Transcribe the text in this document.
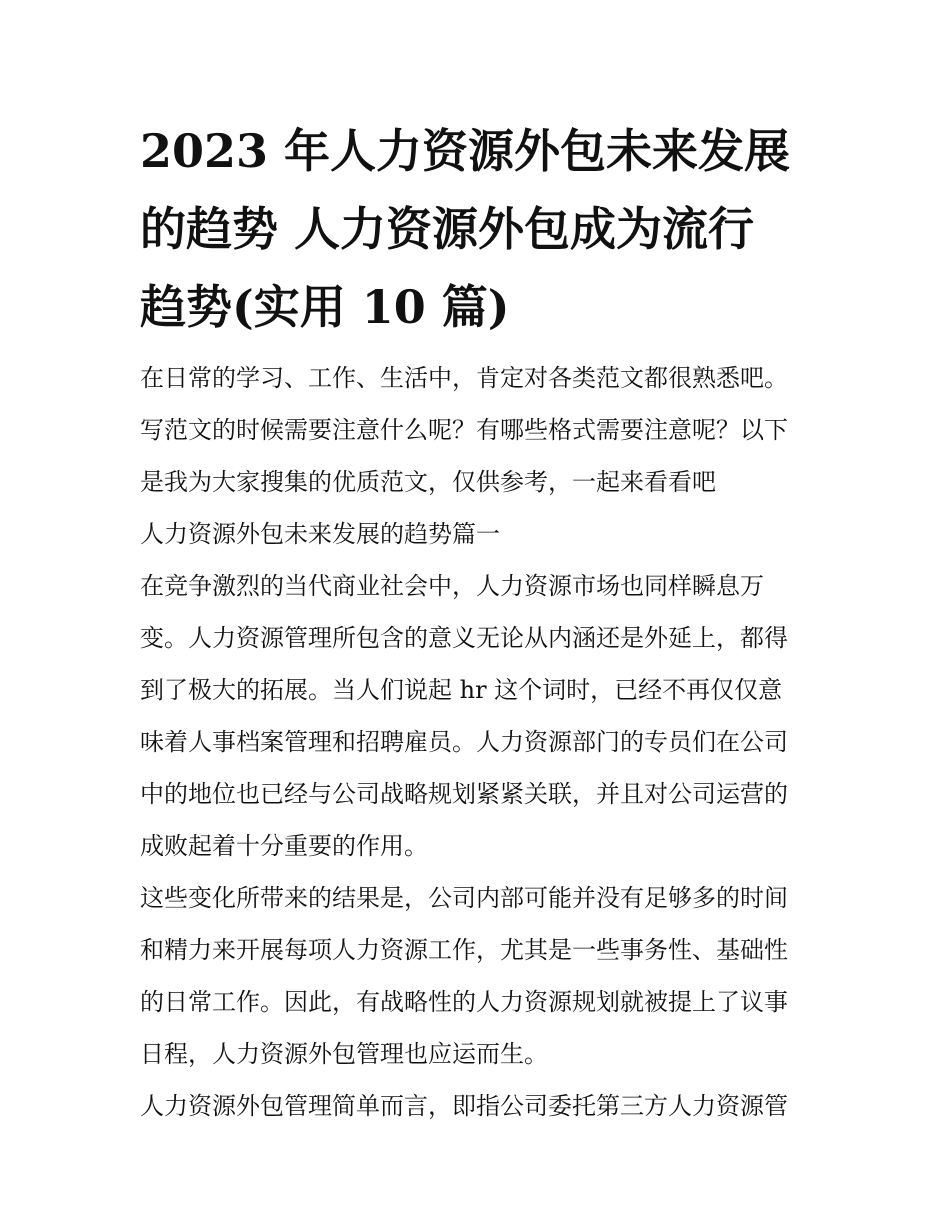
2023 年人力资源外包未来发展
的趋势 人力资源外包成为流行
趋势(实用 10 篇)

在日常的学习、工作、生活中，肯定对各类范文都很熟悉吧。
写范文的时候需要注意什么呢？有哪些格式需要注意呢？以下
是我为大家搜集的优质范文，仅供参考，一起来看看吧

人力资源外包未来发展的趋势篇一

在竞争激烈的当代商业社会中，人力资源市场也同样瞬息万
变。人力资源管理所包含的意义无论从内涵还是外延上，都得
到了极大的拓展。当人们说起 hr 这个词时，已经不再仅仅意
味着人事档案管理和招聘雇员。人力资源部门的专员们在公司
中的地位也已经与公司战略规划紧紧关联，并且对公司运营的
成败起着十分重要的作用。

这些变化所带来的结果是，公司内部可能并没有足够多的时间
和精力来开展每项人力资源工作，尤其是一些事务性、基础性
的日常工作。因此，有战略性的人力资源规划就被提上了议事
日程，人力资源外包管理也应运而生。

人力资源外包管理简单而言，即指公司委托第三方人力资源管
